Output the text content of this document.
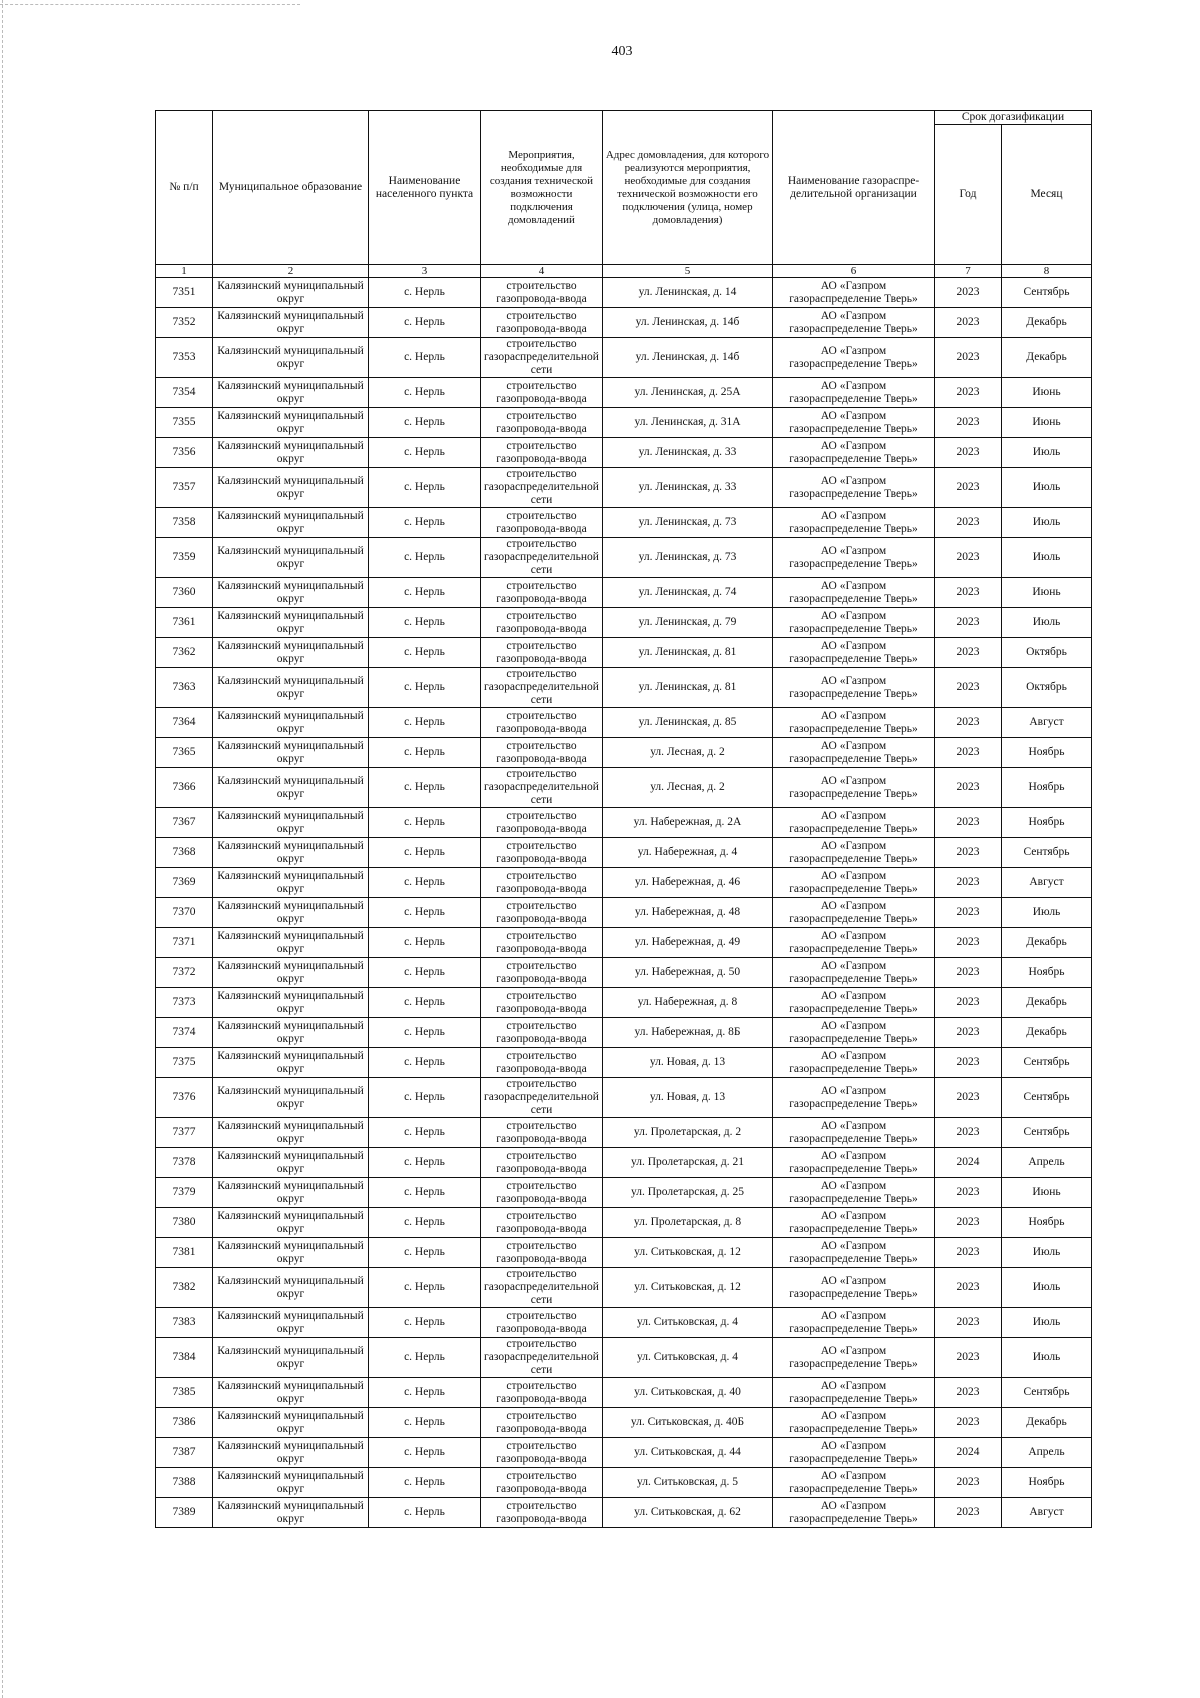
403
№ п/п	Муниципальное образование	Наименование населенного пункта	Мероприятия, необходимые для создания технической возможности подключения домовладений	Адрес домовладения, для которого реализуются мероприятия, необходимые для создания технической возможности его подключения (улица, номер домовладения)	Наименование газораспре-делительной организации	Срок догазификации	
						Год	Месяц
1	2	3	4	5	6	7	8
7351	Калязинский муниципальный округ	с. Нерль	строительство газопровода-ввода	ул. Ленинская, д. 14	АО «Газпром газораспределение Тверь»	2023	Сентябрь
7352	Калязинский муниципальный округ	с. Нерль	строительство газопровода-ввода	ул. Ленинская, д. 14б	АО «Газпром газораспределение Тверь»	2023	Декабрь
7353	Калязинский муниципальный округ	с. Нерль	строительство газораспределительной сети	ул. Ленинская, д. 14б	АО «Газпром газораспределение Тверь»	2023	Декабрь
7354	Калязинский муниципальный округ	с. Нерль	строительство газопровода-ввода	ул. Ленинская, д. 25А	АО «Газпром газораспределение Тверь»	2023	Июнь
7355	Калязинский муниципальный округ	с. Нерль	строительство газопровода-ввода	ул. Ленинская, д. 31А	АО «Газпром газораспределение Тверь»	2023	Июнь
7356	Калязинский муниципальный округ	с. Нерль	строительство газопровода-ввода	ул. Ленинская, д. 33	АО «Газпром газораспределение Тверь»	2023	Июль
7357	Калязинский муниципальный округ	с. Нерль	строительство газораспределительной сети	ул. Ленинская, д. 33	АО «Газпром газораспределение Тверь»	2023	Июль
7358	Калязинский муниципальный округ	с. Нерль	строительство газопровода-ввода	ул. Ленинская, д. 73	АО «Газпром газораспределение Тверь»	2023	Июль
7359	Калязинский муниципальный округ	с. Нерль	строительство газораспределительной сети	ул. Ленинская, д. 73	АО «Газпром газораспределение Тверь»	2023	Июль
7360	Калязинский муниципальный округ	с. Нерль	строительство газопровода-ввода	ул. Ленинская, д. 74	АО «Газпром газораспределение Тверь»	2023	Июнь
7361	Калязинский муниципальный округ	с. Нерль	строительство газопровода-ввода	ул. Ленинская, д. 79	АО «Газпром газораспределение Тверь»	2023	Июль
7362	Калязинский муниципальный округ	с. Нерль	строительство газопровода-ввода	ул. Ленинская, д. 81	АО «Газпром газораспределение Тверь»	2023	Октябрь
7363	Калязинский муниципальный округ	с. Нерль	строительство газораспределительной сети	ул. Ленинская, д. 81	АО «Газпром газораспределение Тверь»	2023	Октябрь
7364	Калязинский муниципальный округ	с. Нерль	строительство газопровода-ввода	ул. Ленинская, д. 85	АО «Газпром газораспределение Тверь»	2023	Август
7365	Калязинский муниципальный округ	с. Нерль	строительство газопровода-ввода	ул. Лесная, д. 2	АО «Газпром газораспределение Тверь»	2023	Ноябрь
7366	Калязинский муниципальный округ	с. Нерль	строительство газораспределительной сети	ул. Лесная, д. 2	АО «Газпром газораспределение Тверь»	2023	Ноябрь
7367	Калязинский муниципальный округ	с. Нерль	строительство газопровода-ввода	ул. Набережная, д. 2А	АО «Газпром газораспределение Тверь»	2023	Ноябрь
7368	Калязинский муниципальный округ	с. Нерль	строительство газопровода-ввода	ул. Набережная, д. 4	АО «Газпром газораспределение Тверь»	2023	Сентябрь
7369	Калязинский муниципальный округ	с. Нерль	строительство газопровода-ввода	ул. Набережная, д. 46	АО «Газпром газораспределение Тверь»	2023	Август
7370	Калязинский муниципальный округ	с. Нерль	строительство газопровода-ввода	ул. Набережная, д. 48	АО «Газпром газораспределение Тверь»	2023	Июль
7371	Калязинский муниципальный округ	с. Нерль	строительство газопровода-ввода	ул. Набережная, д. 49	АО «Газпром газораспределение Тверь»	2023	Декабрь
7372	Калязинский муниципальный округ	с. Нерль	строительство газопровода-ввода	ул. Набережная, д. 50	АО «Газпром газораспределение Тверь»	2023	Ноябрь
7373	Калязинский муниципальный округ	с. Нерль	строительство газопровода-ввода	ул. Набережная, д. 8	АО «Газпром газораспределение Тверь»	2023	Декабрь
7374	Калязинский муниципальный округ	с. Нерль	строительство газопровода-ввода	ул. Набережная, д. 8Б	АО «Газпром газораспределение Тверь»	2023	Декабрь
7375	Калязинский муниципальный округ	с. Нерль	строительство газопровода-ввода	ул. Новая, д. 13	АО «Газпром газораспределение Тверь»	2023	Сентябрь
7376	Калязинский муниципальный округ	с. Нерль	строительство газораспределительной сети	ул. Новая, д. 13	АО «Газпром газораспределение Тверь»	2023	Сентябрь
7377	Калязинский муниципальный округ	с. Нерль	строительство газопровода-ввода	ул. Пролетарская, д. 2	АО «Газпром газораспределение Тверь»	2023	Сентябрь
7378	Калязинский муниципальный округ	с. Нерль	строительство газопровода-ввода	ул. Пролетарская, д. 21	АО «Газпром газораспределение Тверь»	2024	Апрель
7379	Калязинский муниципальный округ	с. Нерль	строительство газопровода-ввода	ул. Пролетарская, д. 25	АО «Газпром газораспределение Тверь»	2023	Июнь
7380	Калязинский муниципальный округ	с. Нерль	строительство газопровода-ввода	ул. Пролетарская, д. 8	АО «Газпром газораспределение Тверь»	2023	Ноябрь
7381	Калязинский муниципальный округ	с. Нерль	строительство газопровода-ввода	ул. Ситьковская, д. 12	АО «Газпром газораспределение Тверь»	2023	Июль
7382	Калязинский муниципальный округ	с. Нерль	строительство газораспределительной сети	ул. Ситьковская, д. 12	АО «Газпром газораспределение Тверь»	2023	Июль
7383	Калязинский муниципальный округ	с. Нерль	строительство газопровода-ввода	ул. Ситьковская, д. 4	АО «Газпром газораспределение Тверь»	2023	Июль
7384	Калязинский муниципальный округ	с. Нерль	строительство газораспределительной сети	ул. Ситьковская, д. 4	АО «Газпром газораспределение Тверь»	2023	Июль
7385	Калязинский муниципальный округ	с. Нерль	строительство газопровода-ввода	ул. Ситьковская, д. 40	АО «Газпром газораспределение Тверь»	2023	Сентябрь
7386	Калязинский муниципальный округ	с. Нерль	строительство газопровода-ввода	ул. Ситьковская, д. 40Б	АО «Газпром газораспределение Тверь»	2023	Декабрь
7387	Калязинский муниципальный округ	с. Нерль	строительство газопровода-ввода	ул. Ситьковская, д. 44	АО «Газпром газораспределение Тверь»	2024	Апрель
7388	Калязинский муниципальный округ	с. Нерль	строительство газопровода-ввода	ул. Ситьковская, д. 5	АО «Газпром газораспределение Тверь»	2023	Ноябрь
7389	Калязинский муниципальный округ	с. Нерль	строительство газопровода-ввода	ул. Ситьковская, д. 62	АО «Газпром газораспределение Тверь»	2023	Август
